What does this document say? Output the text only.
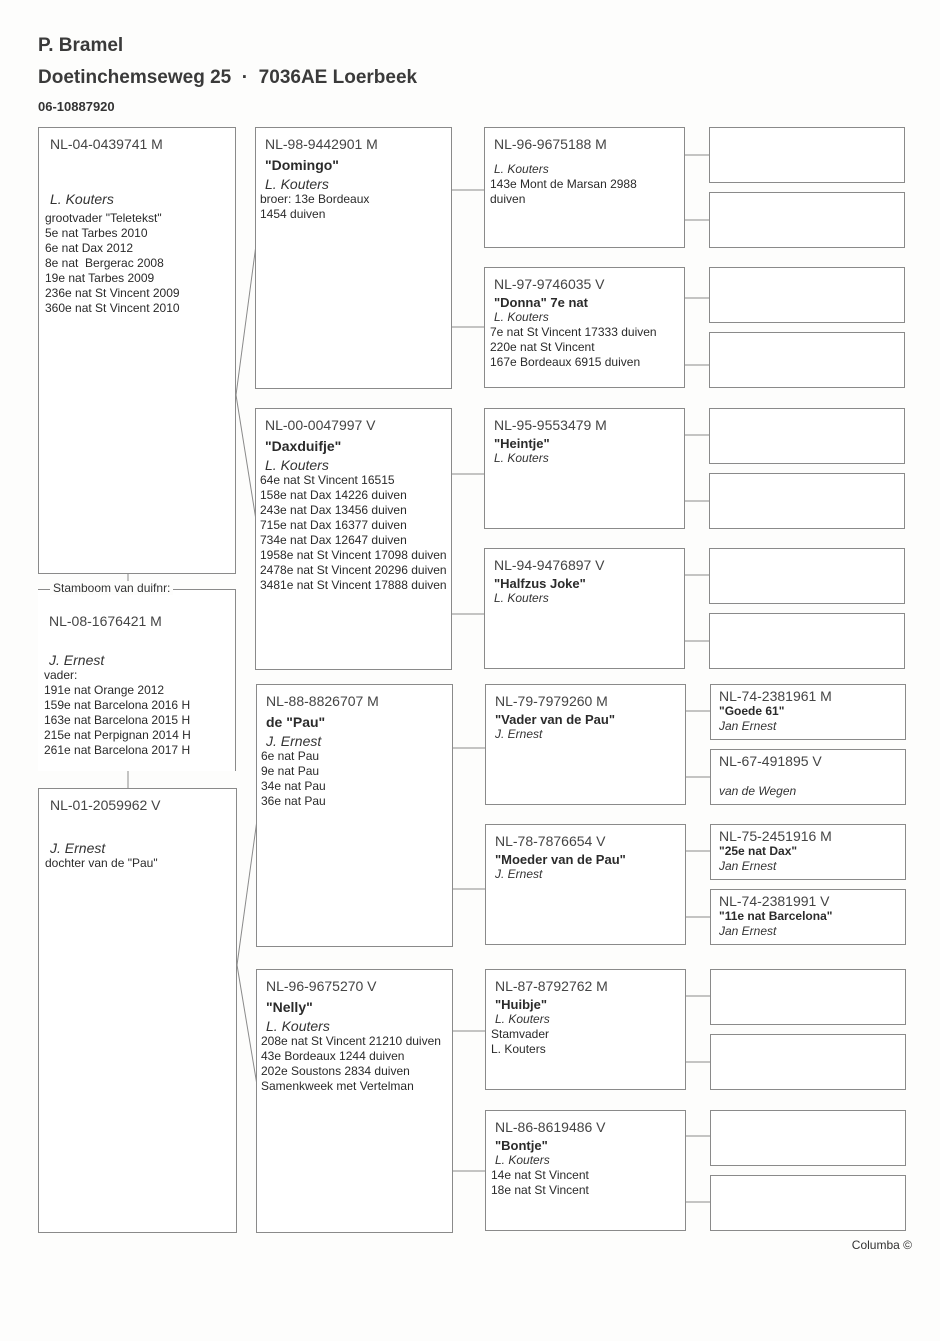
P. Bramel
Doetinchemseweg 25  ·  7036AE Loerbeek
06-10887920
NL-04-0439741 M
L. Kouters
grootvader "Teletekst"
5e nat Tarbes 2010
6e nat Dax 2012
8e nat  Bergerac 2008
19e nat Tarbes 2009
236e nat St Vincent 2009
360e nat St Vincent 2010
NL-08-1676421 M
J. Ernest
vader:
191e nat Orange 2012
159e nat Barcelona 2016 H
163e nat Barcelona 2015 H
215e nat Perpignan 2014 H
261e nat Barcelona 2017 H
Stamboom van duifnr:
NL-01-2059962 V
J. Ernest
dochter van de "Pau"
NL-98-9442901 M
"Domingo"
L. Kouters
broer: 13e Bordeaux
1454 duiven
NL-00-0047997 V
"Daxduifje"
L. Kouters
64e nat St Vincent 16515
158e nat Dax 14226 duiven
243e nat Dax 13456 duiven
715e nat Dax 16377 duiven
734e nat Dax 12647 duiven
1958e nat St Vincent 17098 duiven
2478e nat St Vincent 20296 duiven
3481e nat St Vincent 17888 duiven
NL-88-8826707 M
de "Pau"
J. Ernest
6e nat Pau
9e nat Pau
34e nat Pau
36e nat Pau
NL-96-9675270 V
"Nelly"
L. Kouters
208e nat St Vincent 21210 duiven
43e Bordeaux 1244 duiven
202e Soustons 2834 duiven
Samenkweek met Vertelman
NL-96-9675188 M
L. Kouters
143e Mont de Marsan 2988
duiven
NL-97-9746035 V
"Donna" 7e nat
L. Kouters
7e nat St Vincent 17333 duiven
220e nat St Vincent
167e Bordeaux 6915 duiven
NL-95-9553479 M
"Heintje"
L. Kouters
NL-94-9476897 V
"Halfzus Joke"
L. Kouters
NL-79-7979260 M
"Vader van de Pau"
J. Ernest
NL-78-7876654 V
"Moeder van de Pau"
J. Ernest
NL-87-8792762 M
"Huibje"
L. Kouters
Stamvader
L. Kouters
NL-86-8619486 V
"Bontje"
L. Kouters
14e nat St Vincent
18e nat St Vincent
NL-74-2381961 M
"Goede 61"
Jan Ernest
NL-67-491895 V
van de Wegen
NL-75-2451916 M
"25e nat Dax"
Jan Ernest
NL-74-2381991 V
"11e nat Barcelona"
Jan Ernest
Columba ©
